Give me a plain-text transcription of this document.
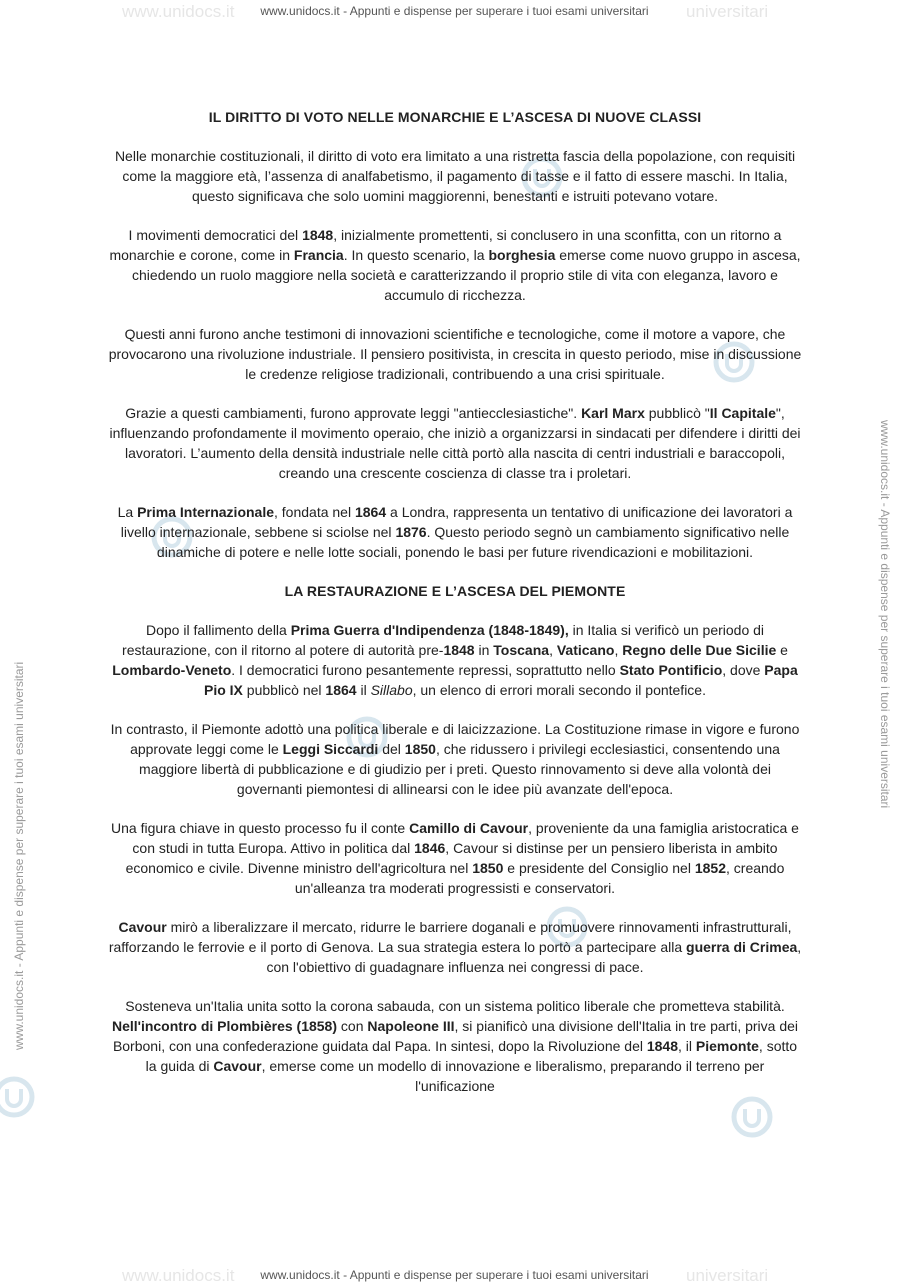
www.unidocs.it	universitari
www.unidocs.it - Appunti e dispense per superare i tuoi esami universitari
www.unidocs.it - Appunti e dispense per superare i tuoi esami universitari
www.unidocs.it - Appunti e dispense per superare i tuoi esami universitari
IL DIRITTO DI VOTO NELLE MONARCHIE E L’ASCESA DI NUOVE CLASSI

Nelle monarchie costituzionali, il diritto di voto era limitato a una ristretta fascia della popolazione, con requisiti come la maggiore età, l’assenza di analfabetismo, il pagamento di tasse e il fatto di essere maschi. In Italia, questo significava che solo uomini maggiorenni, benestanti e istruiti potevano votare.

I movimenti democratici del 1848, inizialmente promettenti, si conclusero in una sconfitta, con un ritorno a monarchie e corone, come in Francia. In questo scenario, la borghesia emerse come nuovo gruppo in ascesa, chiedendo un ruolo maggiore nella società e caratterizzando il proprio stile di vita con eleganza, lavoro e accumulo di ricchezza.

Questi anni furono anche testimoni di innovazioni scientifiche e tecnologiche, come il motore a vapore, che provocarono una rivoluzione industriale. Il pensiero positivista, in crescita in questo periodo, mise in discussione le credenze religiose tradizionali, contribuendo a una crisi spirituale.

Grazie a questi cambiamenti, furono approvate leggi "antiecclesiastiche". Karl Marx pubblicò "Il Capitale", influenzando profondamente il movimento operaio, che iniziò a organizzarsi in sindacati per difendere i diritti dei lavoratori. L’aumento della densità industriale nelle città portò alla nascita di centri industriali e baraccopoli, creando una crescente coscienza di classe tra i proletari.

La Prima Internazionale, fondata nel 1864 a Londra, rappresenta un tentativo di unificazione dei lavoratori a livello internazionale, sebbene si sciolse nel 1876. Questo periodo segnò un cambiamento significativo nelle dinamiche di potere e nelle lotte sociali, ponendo le basi per future rivendicazioni e mobilitazioni.

LA RESTAURAZIONE E L’ASCESA DEL PIEMONTE

Dopo il fallimento della Prima Guerra d'Indipendenza (1848-1849), in Italia si verificò un periodo di restaurazione, con il ritorno al potere di autorità pre-1848 in Toscana, Vaticano, Regno delle Due Sicilie e Lombardo-Veneto. I democratici furono pesantemente repressi, soprattutto nello Stato Pontificio, dove Papa Pio IX pubblicò nel 1864 il Sillabo, un elenco di errori morali secondo il pontefice.

In contrasto, il Piemonte adottò una politica liberale e di laicizzazione. La Costituzione rimase in vigore e furono approvate leggi come le Leggi Siccardi del 1850, che ridussero i privilegi ecclesiastici, consentendo una maggiore libertà di pubblicazione e di giudizio per i preti. Questo rinnovamento si deve alla volontà dei governanti piemontesi di allinearsi con le idee più avanzate dell'epoca.

Una figura chiave in questo processo fu il conte Camillo di Cavour, proveniente da una famiglia aristocratica e con studi in tutta Europa. Attivo in politica dal 1846, Cavour si distinse per un pensiero liberista in ambito economico e civile. Divenne ministro dell'agricoltura nel 1850 e presidente del Consiglio nel 1852, creando un'alleanza tra moderati progressisti e conservatori.

Cavour mirò a liberalizzare il mercato, ridurre le barriere doganali e promuovere rinnovamenti infrastrutturali, rafforzando le ferrovie e il porto di Genova. La sua strategia estera lo portò a partecipare alla guerra di Crimea, con l'obiettivo di guadagnare influenza nei congressi di pace.

Sosteneva un'Italia unita sotto la corona sabauda, con un sistema politico liberale che prometteva stabilità. Nell'incontro di Plombières (1858) con Napoleone III, si pianificò una divisione dell'Italia in tre parti, priva dei Borboni, con una confederazione guidata dal Papa. In sintesi, dopo la Rivoluzione del 1848, il Piemonte, sotto la guida di Cavour, emerse come un modello di innovazione e liberalismo, preparando il terreno per l'unificazione

www.unidocs.it	universitari
www.unidocs.it - Appunti e dispense per superare i tuoi esami universitari
